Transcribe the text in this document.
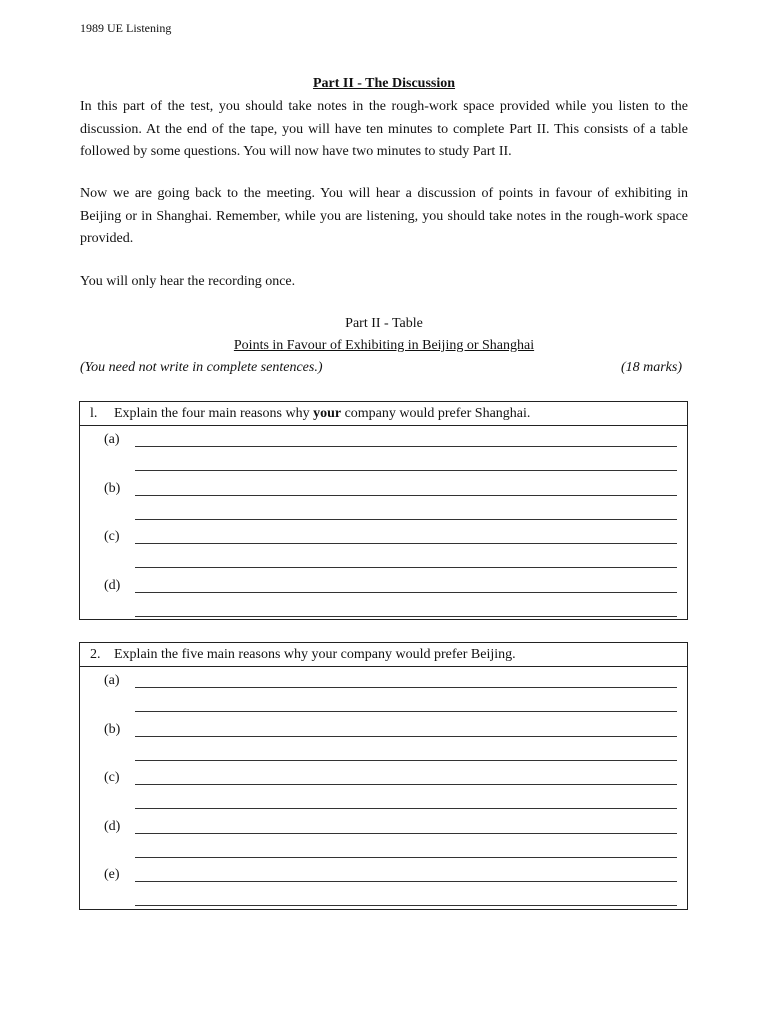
1989 UE Listening
Part II - The Discussion
In this part of the test, you should take notes in the rough-work space provided while you listen to the discussion. At the end of the tape, you will have ten minutes to complete Part II. This consists of a table followed by some questions. You will now have two minutes to study Part II.
Now we are going back to the meeting. You will hear a discussion of points in favour of exhibiting in Beijing or in Shanghai. Remember, while you are listening, you should take notes in the rough-work space provided.
You will only hear the recording once.
Part II - Table
Points in Favour of Exhibiting in Beijing or Shanghai
(You need not write in complete sentences.)	(18 marks)
l. Explain the four main reasons why your company would prefer Shanghai.
(a)
(b)
(c)
(d)
2. Explain the five main reasons why your company would prefer Beijing.
(a)
(b)
(c)
(d)
(e)
